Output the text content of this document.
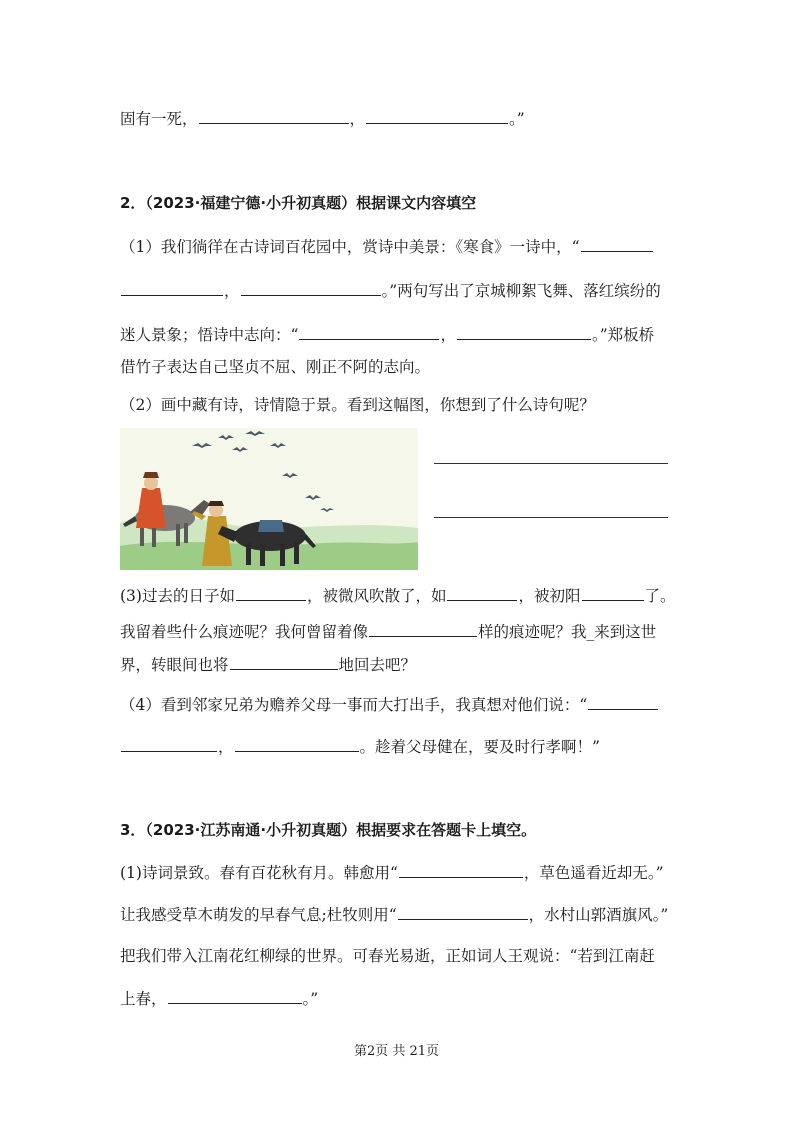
固有一死，	，	。”
2．（2023·福建宁德·小升初真题）根据课文内容填空
（1）我们徜徉在古诗词百花园中，赏诗中美景：《寒食》一诗中，“
，	。”两句写出了京城柳絮飞舞、落红缤纷的
迷人景象；悟诗中志向：“	，	。”郑板桥
借竹子表达自己坚贞不屈、刚正不阿的志向。
（2）画中藏有诗，诗情隐于景。看到这幅图，你想到了什么诗句呢？
(3)过去的日子如	，被微风吹散了，如	，被初阳	了。
我留着些什么痕迹呢？我何曾留着像	样的痕迹呢？我_来到这世
界，转眼间也将	地回去吧？
（4）看到邻家兄弟为赡养父母一事而大打出手，我真想对他们说：“
，	。趁着父母健在，要及时行孝啊！”
3．（2023·江苏南通·小升初真题）根据要求在答题卡上填空。
(1)诗词景致。春有百花秋有月。韩愈用“	，草色遥看近却无。”
让我感受草木萌发的早春气息;杜牧则用“	，水村山郭酒旗风。”
把我们带入江南花红柳绿的世界。可春光易逝，正如词人王观说：“若到江南赶
上春，	。”
第2页 共 21页
